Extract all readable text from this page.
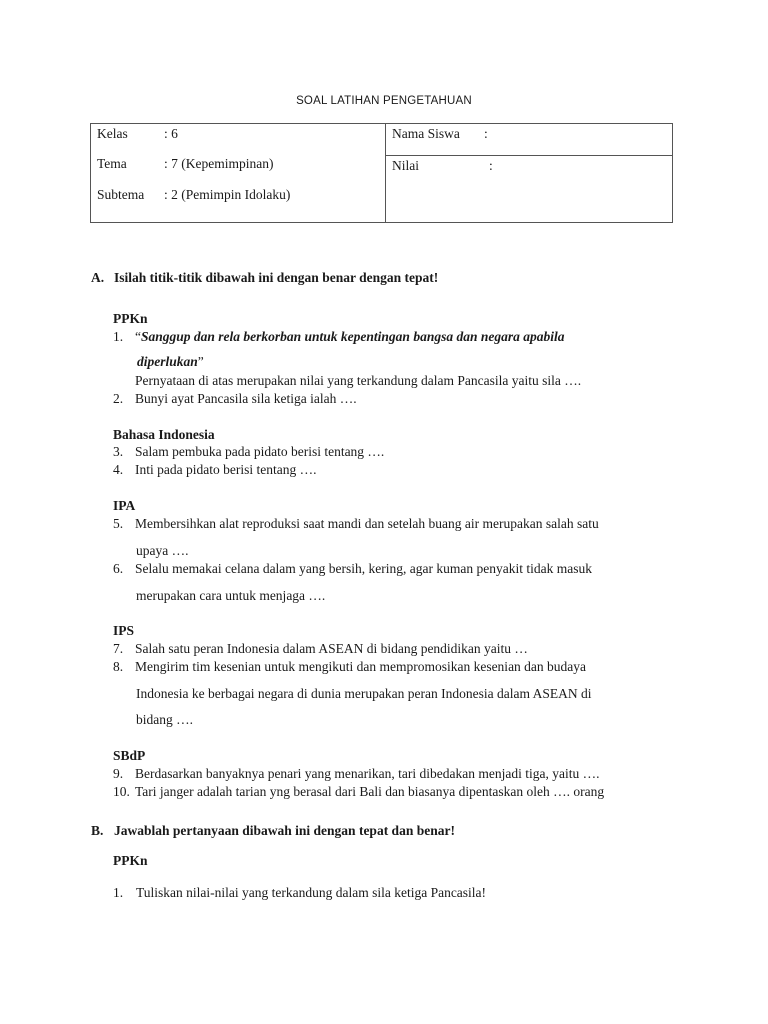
SOAL LATIHAN PENGETAHUAN
Kelas	: 6
Tema	: 7 (Kepemimpinan)
Subtema : 2 (Pemimpin Idolaku)
Nama Siswa :
Nilai	:
A. Isilah titik-titik dibawah ini dengan benar dengan tepat!
PPKn
1. “Sanggup dan rela berkorban untuk kepentingan bangsa dan negara apabila
diperlukan”
Pernyataan di atas merupakan nilai yang terkandung dalam Pancasila yaitu sila ….
2. Bunyi ayat Pancasila sila ketiga ialah ….
Bahasa Indonesia
3. Salam pembuka pada pidato berisi tentang ….
4. Inti pada pidato berisi tentang ….
IPA
5. Membersihkan alat reproduksi saat mandi dan setelah buang air merupakan salah satu
upaya ….
6. Selalu memakai celana dalam yang bersih, kering, agar kuman penyakit tidak masuk
merupakan cara untuk menjaga ….
IPS
7. Salah satu peran Indonesia dalam ASEAN di bidang pendidikan yaitu …
8. Mengirim tim kesenian untuk mengikuti dan mempromosikan kesenian dan budaya
Indonesia ke berbagai negara di dunia merupakan peran Indonesia dalam ASEAN di
bidang ….
SBdP
9. Berdasarkan banyaknya penari yang menarikan, tari dibedakan menjadi tiga, yaitu ….
10. Tari janger adalah tarian yng berasal dari Bali dan biasanya dipentaskan oleh …. orang
B. Jawablah pertanyaan dibawah ini dengan tepat dan benar!
PPKn
1. Tuliskan nilai-nilai yang terkandung dalam sila ketiga Pancasila!
